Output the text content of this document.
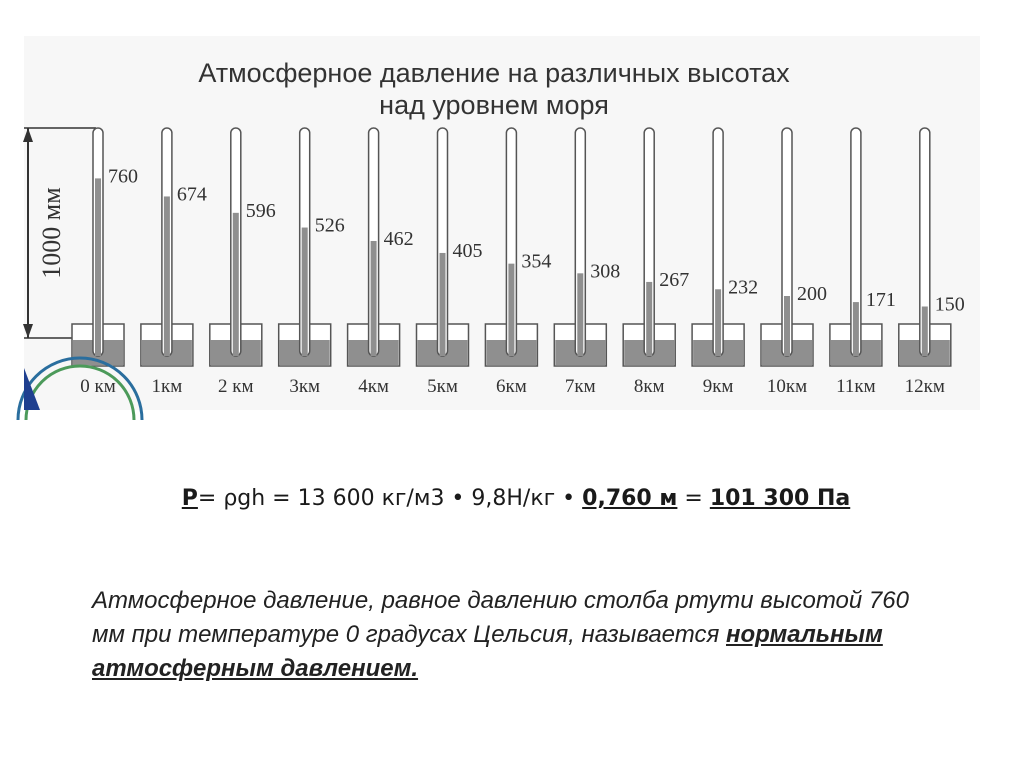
Атмосферное давление на различных высотах
над уровнем моря
1000 мм
760
0 км
674
1км
596
2 км
526
3км
462
4км
405
5км
354
6км
308
7км
267
8км
232
9км
200
10км
171
11км
150
12км
P= ρgh = 13 600 кг/м3 • 9,8Н/кг • 0,760 м = 101 300 Па
Атмосферное давление, равное давлению столба ртути высотой 760 мм при температуре 0 градусах Цельсия, называется нормальным атмосферным давлением.
